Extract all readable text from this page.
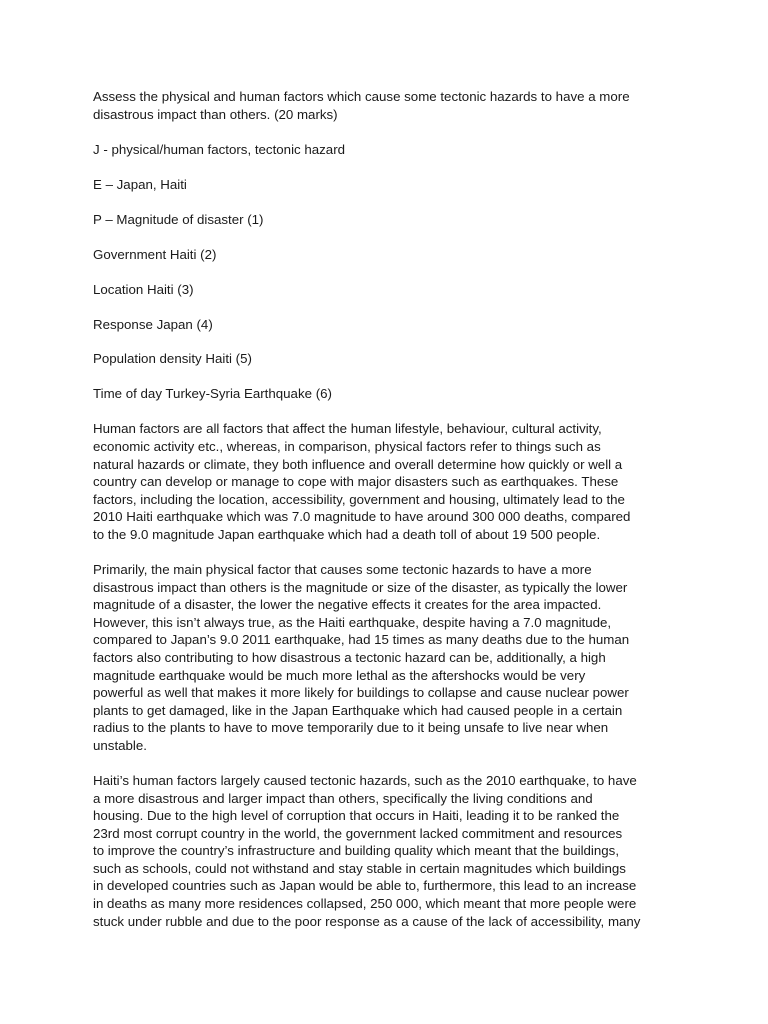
Assess the physical and human factors which cause some tectonic hazards to have a more
disastrous impact than others. (20 marks)
J - physical/human factors, tectonic hazard
E – Japan, Haiti
P – Magnitude of disaster (1)
Government Haiti (2)
Location Haiti (3)
Response Japan (4)
Population density Haiti (5)
Time of day Turkey-Syria Earthquake (6)
Human factors are all factors that affect the human lifestyle, behaviour, cultural activity,
economic activity etc., whereas, in comparison, physical factors refer to things such as
natural hazards or climate, they both influence and overall determine how quickly or well a
country can develop or manage to cope with major disasters such as earthquakes. These
factors, including the location, accessibility, government and housing, ultimately lead to the
2010 Haiti earthquake which was 7.0 magnitude to have around 300 000 deaths, compared
to the 9.0 magnitude Japan earthquake which had a death toll of about 19 500 people.
Primarily, the main physical factor that causes some tectonic hazards to have a more
disastrous impact than others is the magnitude or size of the disaster, as typically the lower
magnitude of a disaster, the lower the negative effects it creates for the area impacted.
However, this isn’t always true, as the Haiti earthquake, despite having a 7.0 magnitude,
compared to Japan’s 9.0 2011 earthquake, had 15 times as many deaths due to the human
factors also contributing to how disastrous a tectonic hazard can be, additionally, a high
magnitude earthquake would be much more lethal as the aftershocks would be very
powerful as well that makes it more likely for buildings to collapse and cause nuclear power
plants to get damaged, like in the Japan Earthquake which had caused people in a certain
radius to the plants to have to move temporarily due to it being unsafe to live near when
unstable.
Haiti’s human factors largely caused tectonic hazards, such as the 2010 earthquake, to have
a more disastrous and larger impact than others, specifically the living conditions and
housing. Due to the high level of corruption that occurs in Haiti, leading it to be ranked the
23rd most corrupt country in the world, the government lacked commitment and resources
to improve the country’s infrastructure and building quality which meant that the buildings,
such as schools, could not withstand and stay stable in certain magnitudes which buildings
in developed countries such as Japan would be able to, furthermore, this lead to an increase
in deaths as many more residences collapsed, 250 000, which meant that more people were
stuck under rubble and due to the poor response as a cause of the lack of accessibility, many
